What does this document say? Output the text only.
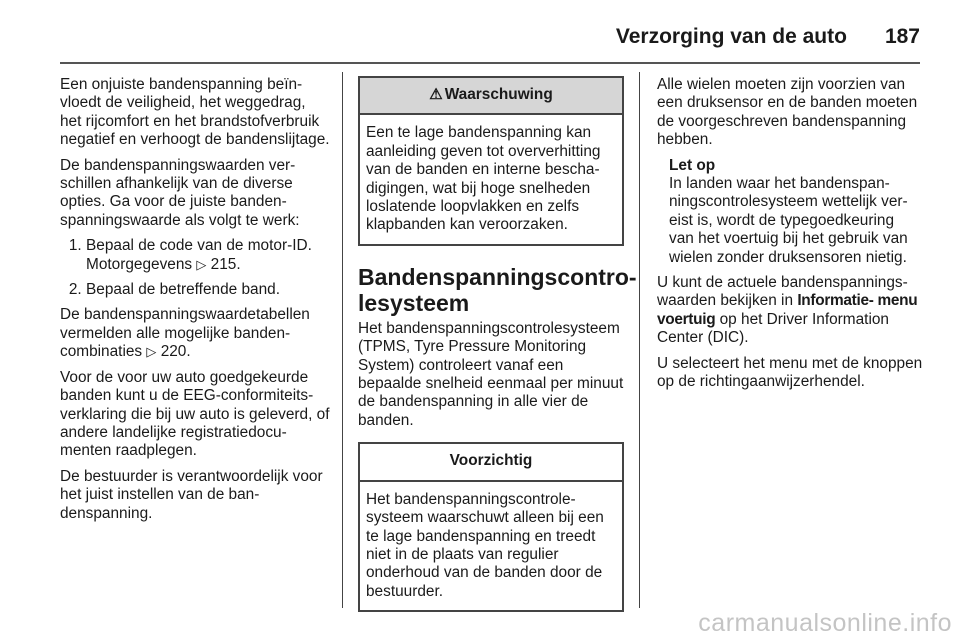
Verzorging van de auto 187

Een onjuiste bandenspanning beïnvloedt de veiligheid, het weggedrag, het rijcomfort en het brandstofverbruik negatief en verhoogt de bandenslijtage.

De bandenspanningswaarden verschillen afhankelijk van de diverse opties. Ga voor de juiste bandenspanningswaarde als volgt te werk:

1. Bepaal de code van de motor-ID. Motorgegevens ▷ 215.
2. Bepaal de betreffende band.

De bandenspanningswaardetabellen vermelden alle mogelijke bandencombinaties ▷ 220.

Voor de voor uw auto goedgekeurde banden kunt u de EEG-conformiteitsverklaring die bij uw auto is geleverd, of andere landelijke registratiedocumenten raadplegen.

De bestuurder is verantwoordelijk voor het juist instellen van de bandenspanning.

⚠ Waarschuwing
Een te lage bandenspanning kan aanleiding geven tot oververhitting van de banden en interne beschadigingen, wat bij hoge snelheden loslatende loopvlakken en zelfs klapbanden kan veroorzaken.
Bandenspanningscontrolesysteem

Het bandenspanningscontrolesysteem (TPMS, Tyre Pressure Monitoring System) controleert vanaf een bepaalde snelheid eenmaal per minuut de bandenspanning in alle vier de banden.

Voorzichtig
Het bandenspanningscontrolesysteem waarschuwt alleen bij een te lage bandenspanning en treedt niet in de plaats van regulier onderhoud van de banden door de bestuurder.

Alle wielen moeten zijn voorzien van een druksensor en de banden moeten de voorgeschreven bandenspanning hebben.

Let op
In landen waar het bandenspanningscontrolesysteem wettelijk vereist is, wordt de typegoedkeuring van het voertuig bij het gebruik van wielen zonder druksensoren nietig.

U kunt de actuele bandenspanningswaarden bekijken in Informatie- menu voertuig op het Driver Information Center (DIC).

U selecteert het menu met de knoppen op de richtingaanwijzerhendel.

carmanualsonline.info
